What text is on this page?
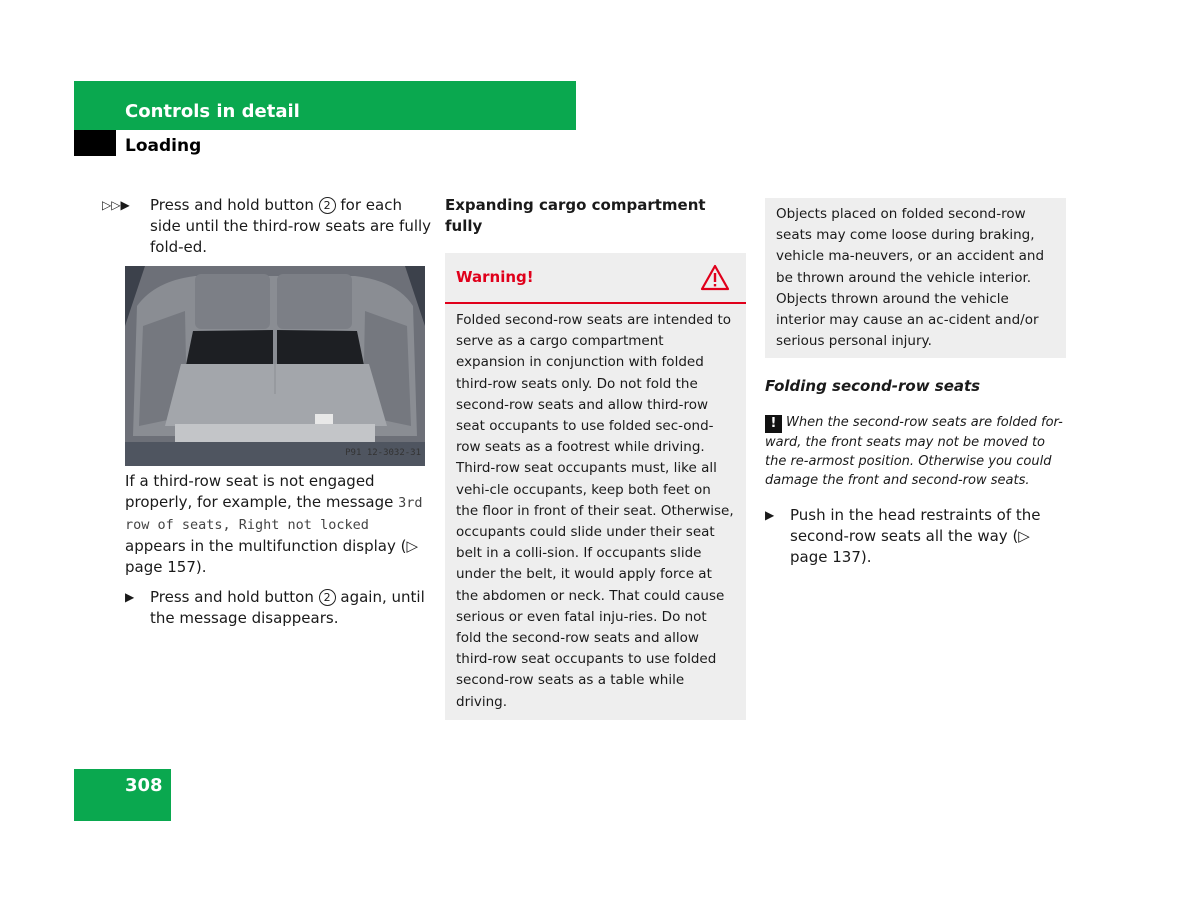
Controls in detail
Loading
▷▷▶ Press and hold button 2 for each side until the third-row seats are fully fold-ed.
P91 12-3032-31
If a third-row seat is not engaged properly, for example, the message 3rd row of seats, Right not locked appears in the multifunction display (▷ page 157).
▶ Press and hold button 2 again, until the message disappears.
Expanding cargo compartment fully
Warning!
Folded second-row seats are intended to serve as a cargo compartment expansion in conjunction with folded third-row seats only. Do not fold the second-row seats and allow third-row seat occupants to use folded sec-ond-row seats as a footrest while driving. Third-row seat occupants must, like all vehi-cle occupants, keep both feet on the floor in front of their seat. Otherwise, occupants could slide under their seat belt in a colli-sion. If occupants slide under the belt, it would apply force at the abdomen or neck. That could cause serious or even fatal inju-ries. Do not fold the second-row seats and allow third-row seat occupants to use folded second-row seats as a table while driving.
Objects placed on folded second-row seats may come loose during braking, vehicle ma-neuvers, or an accident and be thrown around the vehicle interior. Objects thrown around the vehicle interior may cause an ac-cident and/or serious personal injury.
Folding second-row seats
! When the second-row seats are folded for-ward, the front seats may not be moved to the re-armost position. Otherwise you could damage the front and second-row seats.
▶ Push in the head restraints of the second-row seats all the way (▷ page 137).
308
